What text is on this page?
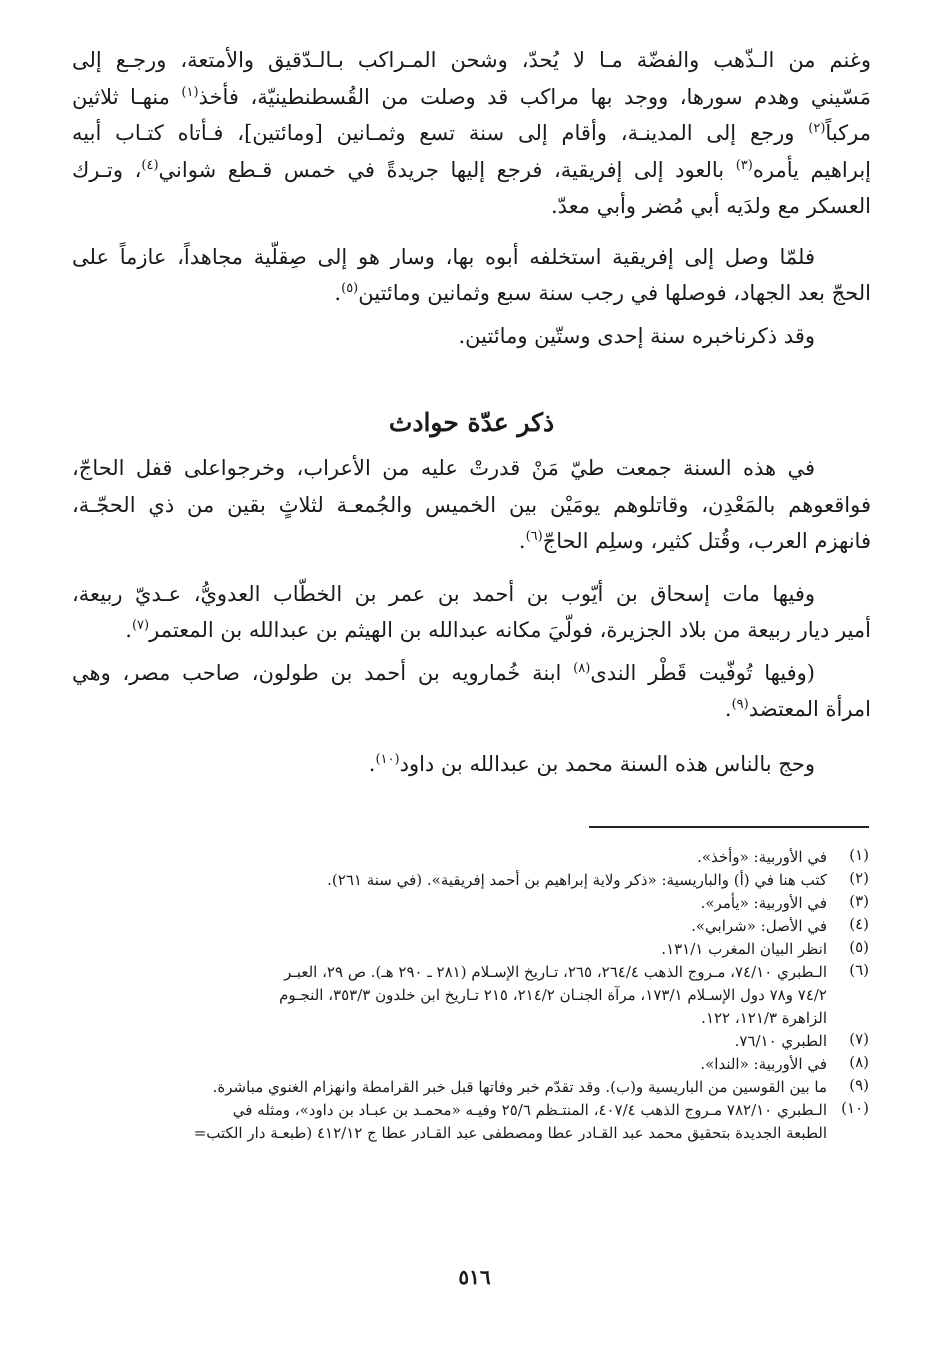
وغنم من الـذّهب والفضّة مـا لا يُحدّ، وشحن المـراكب بـالـدّقيق والأمتعة، ورجـع إلى
مَسّيني وهدم سورها، ووجد بها مراكب قد وصلت من القُسطنطينيّة، فأخذ$^{(١)}$ منهـا ثلاثين
مركباً$^{(٢)}$ ورجع إلى المدينـة، وأقام إلى سنة تسع وثمـانين [ومائتين]، فـأتاه كتـاب أبيه
إبراهيم يأمره$^{(٣)}$ بالعود إلى إفريقية، فرجع إليها جريدةً في خمس قـطع شواني$^{(٤)}$، وتـرك
العسكر مع ولدَيه أبي مُضر وأبي معدّ.
فلمّا وصل إلى إفريقية استخلفه أبوه بها، وسار هو إلى صِقلّية مجاهداً، عازماً على
الحجّ بعد الجهاد، فوصلها في رجب سنة سبع وثمانين ومائتين$^{(٥)}$.
وقد ذكرناخبره سنة إحدى وستّين ومائتين.
ذكر عدّة حوادث
في هذه السنة جمعت طيّ مَنْ قدرتْ عليه من الأعراب، وخرجواعلى قفل الحاجّ،
فواقعوهم بالمَعْدِن، وقاتلوهم يومَيْن بين الخميس والجُمعـة لثلاثٍ بقين من ذي الحجّـة،
فانهزم العرب، وقُتل كثير، وسلِم الحاجّ$^{(٦)}$.
وفيها مات إسحاق بن أيّوب بن أحمد بن عمر بن الخطّاب العدويُّ، عـديّ ربيعة،
أمير ديار ربيعة من بلاد الجزيرة، فولّيَ مكانه عبدالله بن الهيثم بن عبدالله بن المعتمر$^{(٧)}$.
(وفيها تُوفّيت قَطْر الندى$^{(٨)}$ ابنة خُمارويه بن أحمد بن طولون، صاحب مصر، وهي
امرأة المعتضد$^{(٩)}$.
وحج بالناس هذه السنة محمد بن عبدالله بن داود$^{(١٠)}$.
(١)
في الأوربية: «وأخذ».
(٢)
كتب هنا في (أ) والباريسية: «ذكر ولاية إبراهيم بن أحمد إفريقية». (في سنة ٢٦١).
(٣)
في الأوربية: «يأمر».
(٤)
في الأصل: «شرابي».
(٥)
انظر البيان المغرب ١٣١/١.
(٦)
الـطبري ٧٤/١٠، مـروج الذهب ٢٦٤/٤، ٢٦٥، تـاريخ الإسـلام (٢٨١ ـ ٢٩٠ هـ). ص ٢٩، العبـر
٧٤/٢ و٧٨ دول الإسـلام ١٧٣/١، مرآة الجنـان ٢١٤/٢، ٢١٥ تـاريخ ابن خلدون ٣٥٣/٣، النجـوم
الزاهرة ١٢١/٣، ١٢٢.
(٧)
الطبري ٧٦/١٠.
(٨)
في الأوربية: «الندا».
(٩)
ما بين القوسين من الباريسية و(ب). وقد تقدّم خبر وفاتها قبل خبر القرامطة وانهزام الغنوي مباشرة.
(١٠)
الـطبري ٧٨٢/١٠ مـروج الذهب ٤٠٧/٤، المنتـظم ٢٥/٦ وفيـه «محمـد بن عبـاد بن داود»، ومثله في
الطبعة الجديدة بتحقيق محمد عبد القـادر عطا ومصطفى عبد القـادر عطا ج ٤١٢/١٢ (طبعـة دار الكتب=
٥١٦
